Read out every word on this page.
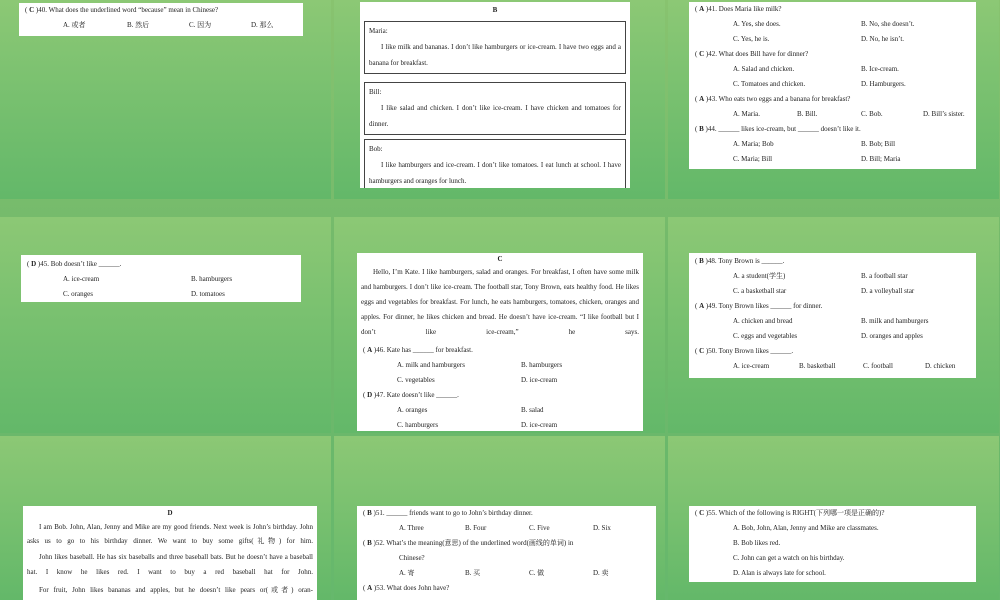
( C )40. What does the underlined word “because” mean in Chinese?
A. 或者	B. 然后	C. 因为	D. 那么
B
Maria:
I like milk and bananas. I don’t like hamburgers or ice-cream. I have two eggs and a banana for breakfast.
Bill:
I like salad and chicken. I don’t like ice-cream. I have chicken and tomatoes for dinner.
Bob:
I like hamburgers and ice-cream. I don’t like tomatoes. I eat lunch at school. I have hamburgers and oranges for lunch.
( A )41. Does Maria like milk?
A. Yes, she does.	B. No, she doesn’t.
C. Yes, he is.	D. No, he isn’t.
( C )42. What does Bill have for dinner?
A. Salad and chicken.	B. Ice-cream.
C. Tomatoes and chicken.	D. Hamburgers.
( A )43. Who eats two eggs and a banana for breakfast?
A. Maria.	B. Bill.	C. Bob.	D. Bill’s sister.
( B )44. ______ likes ice-cream, but ______ doesn’t like it.
A. Maria; Bob	B. Bob; Bill
C. Maria; Bill	D. Bill; Maria
( D )45. Bob doesn’t like ______.
A. ice-cream	B. hamburgers
C. oranges	D. tomatoes
C
Hello, I’m Kate. I like hamburgers, salad and oranges. For breakfast, I often have some milk and hamburgers. I don’t like ice-cream. The football star, Tony Brown, eats healthy food. He likes eggs and vegetables for breakfast. For lunch, he eats hamburgers, tomatoes, chicken, oranges and apples. For dinner, he likes chicken and bread. He doesn’t have ice-cream. “I like football but I don’t like ice-cream,” he says.
( A )46. Kate has ______ for breakfast.
A. milk and hamburgers	B. hamburgers
C. vegetables	D. ice-cream
( D )47. Kate doesn’t like ______.
A. oranges	B. salad
C. hamburgers	D. ice-cream
( B )48. Tony Brown is ______.
A. a student(学生)	B. a football star
C. a basketball star	D. a volleyball star
( A )49. Tony Brown likes ______ for dinner.
A. chicken and bread	B. milk and hamburgers
C. eggs and vegetables	D. oranges and apples
( C )50. Tony Brown likes ______.
A. ice-cream	B. basketball	C. football	D. chicken
D
I am Bob. John, Alan, Jenny and Mike are my good friends. Next week is John’s birthday. John asks us to go to his birthday dinner. We want to buy some gifts(礼物) for him.
John likes baseball. He has six baseballs and three baseball bats. But he doesn’t have a baseball hat. I know he likes red. I want to buy a red baseball hat for John.
For fruit, John likes bananas and apples, but he doesn’t like pears or(或者) oran-
( B )51. ______ friends want to go to John’s birthday dinner.
A. Three	B. Four	C. Five	D. Six
( B )52. What’s the meaning(意思) of the underlined word(画线的单词) in
Chinese?
A. 寄	B. 买	C. 做	D. 卖
( A )53. What does John have?
( C )55. Which of the following is RIGHT(下列哪一项是正确的)?
A. Bob, John, Alan, Jenny and Mike are classmates.
B. Bob likes red.
C. John can get a watch on his birthday.
D. Alan is always late for school.
